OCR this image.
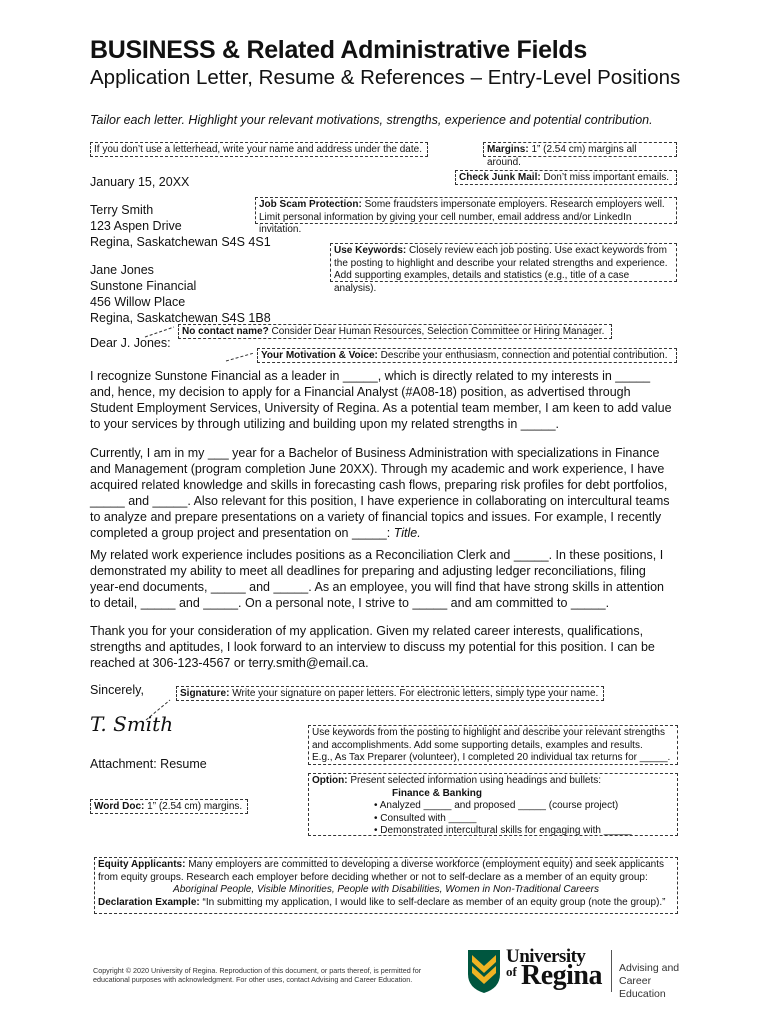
BUSINESS & Related Administrative Fields
Application Letter, Resume & References – Entry-Level Positions
Tailor each letter. Highlight your relevant motivations, strengths, experience and potential contribution.
If you don’t use a letterhead, write your name and address under the date.	Margins: 1” (2.54 cm) margins all around.
Check Junk Mail: Don’t miss important emails.
Job Scam Protection: Some fraudsters impersonate employers. Research employers well.
Limit personal information by giving your cell number, email address and/or LinkedIn invitation.
Use Keywords: Closely review each job posting. Use exact keywords from
the posting to highlight and describe your related strengths and experience.
Add supporting examples, details and statistics (e.g., title of a case analysis).
No contact name? Consider Dear Human Resources, Selection Committee or Hiring Manager.
Your Motivation & Voice: Describe your enthusiasm, connection and potential contribution.
January 15, 20XX
Terry Smith
123 Aspen Drive
Regina, Saskatchewan S4S 4S1
Jane Jones
Sunstone Financial
456 Willow Place
Regina, Saskatchewan S4S 1B8
Dear J. Jones:
I recognize Sunstone Financial as a leader in _____, which is directly related to my interests in _____
and, hence, my decision to apply for a Financial Analyst (#A08-18) position, as advertised through
Student Employment Services, University of Regina. As a potential team member, I am keen to add value
to your services by through utilizing and building upon my related strengths in _____.
Currently, I am in my ___ year for a Bachelor of Business Administration with specializations in Finance
and Management (program completion June 20XX). Through my academic and work experience, I have
acquired related knowledge and skills in forecasting cash flows, preparing risk profiles for debt portfolios,
_____ and _____. Also relevant for this position, I have experience in collaborating on intercultural teams
to analyze and prepare presentations on a variety of financial topics and issues. For example, I recently
completed a group project and presentation on _____: Title.
My related work experience includes positions as a Reconciliation Clerk and _____. In these positions, I
demonstrated my ability to meet all deadlines for preparing and adjusting ledger reconciliations, filing
year-end documents, _____ and _____. As an employee, you will find that have strong skills in attention
to detail, _____ and _____. On a personal note, I strive to _____ and am committed to _____.
Thank you for your consideration of my application. Given my related career interests, qualifications,
strengths and aptitudes, I look forward to an interview to discuss my potential for this position. I can be
reached at 306-123-4567 or terry.smith@email.ca.
Sincerely,	Signature: Write your signature on paper letters. For electronic letters, simply type your name.
T. Smith
Attachment: Resume
Use keywords from the posting to highlight and describe your relevant strengths
and accomplishments. Add some supporting details, examples and results.
E.g., As Tax Preparer (volunteer), I completed 20 individual tax returns for _____.
Option: Present selected information using headings and bullets:
Finance & Banking
• Analyzed _____ and proposed _____ (course project)
• Consulted with _____
• Demonstrated intercultural skills for engaging with _____
Word Doc: 1” (2.54 cm) margins.
Equity Applicants: Many employers are committed to developing a diverse workforce (employment equity) and seek applicants
from equity groups. Research each employer before deciding whether or not to self-declare as a member of an equity group:
Aboriginal People, Visible Minorities, People with Disabilities, Women in Non-Traditional Careers
Declaration Example: “In submitting my application, I would like to self-declare as member of an equity group (note the group).”
Copyright © 2020 University of Regina. Reproduction of this document, or parts thereof, is permitted for
educational purposes with acknowledgment. For other uses, contact Advising and Career Education.
University
of Regina Advising and
Career Education
